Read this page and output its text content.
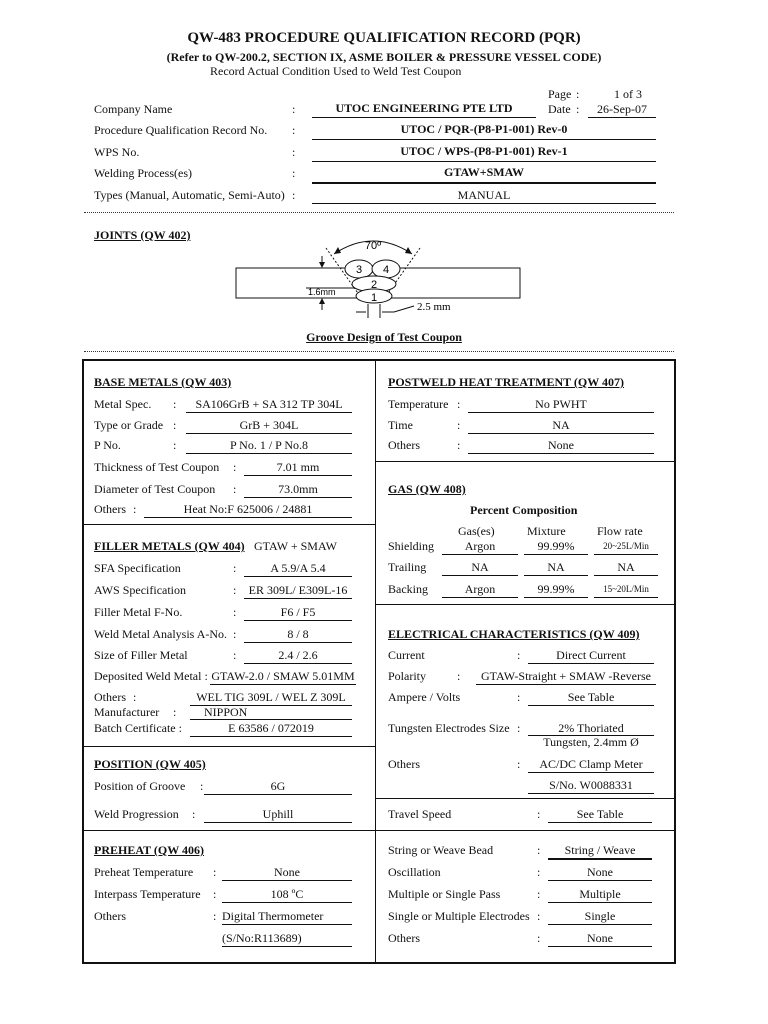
QW-483 PROCEDURE QUALIFICATION RECORD (PQR)
(Refer to QW-200.2, SECTION IX, ASME BOILER & PRESSURE VESSEL CODE)
Record Actual Condition Used to Weld Test Coupon
Page :	1 of 3
Company Name	:	UTOC ENGINEERING PTE LTD	Date :	26-Sep-07
Procedure Qualification Record No. :	UTOC / PQR-(P8-P1-001) Rev-0
WPS No.	:	UTOC / WPS-(P8-P1-001) Rev-1
Welding Process(es)	:	GTAW+SMAW
Types (Manual, Automatic, Semi-Auto) :	MANUAL
JOINTS (QW 402)
70º
3 4
2
1
1.6mm
2.5 mm
Groove Design of Test Coupon
BASE METALS (QW 403)
Metal Spec. :	SA106GrB + SA 312 TP 304L
Type or Grade :	GrB + 304L
P No.	:	P No. 1 / P No.8
Thickness of Test Coupon :	7.01 mm
Diameter of Test Coupon :	73.0mm
Others :	Heat No:F 625006 / 24881
FILLER METALS (QW 404) GTAW + SMAW
SFA Specification	:	A 5.9/A 5.4
AWS Specification	:	ER 309L/ E309L-16
Filler Metal F-No.	:	F6 / F5
Weld Metal Analysis A-No. :	8 / 8
Size of Filler Metal	:	2.4 / 2.6
Deposited Weld Metal : GTAW-2.0 / SMAW 5.01MM
Others :	WEL TIG 309L / WEL Z 309L
Manufacturer : NIPPON
Batch Certificate :	E 63586 / 072019
POSITION (QW 405)
Position of Groove :	6G
Weld Progression :	Uphill
PREHEAT (QW 406)
Preheat Temperature :	None
Interpass Temperature :	108 ºC
Others	: Digital Thermometer
(S/No:R113689)
POSTWELD HEAT TREATMENT (QW 407)
Temperature :	No PWHT
Time	:	NA
Others	:	None
GAS (QW 408)
Percent Composition
Gas(es)	Mixture	Flow rate
Shielding	Argon	99.99%	20~25L/Min
Trailing	NA	NA	NA
Backing	Argon	99.99%	15~20L/Min
ELECTRICAL CHARACTERISTICS (QW 409)
Current	:	Direct Current
Polarity	:	GTAW-Straight + SMAW -Reverse
Ampere / Volts	:	See Table
Tungsten Electrodes Size :	2% Thoriated
Tungsten, 2.4mm Ø
Others	:	AC/DC Clamp Meter
S/No. W0088331
Travel Speed	:	See Table
String or Weave Bead	:	String / Weave
Oscillation	:	None
Multiple or Single Pass	:	Multiple
Single or Multiple Electrodes :	Single
Others	:	None
